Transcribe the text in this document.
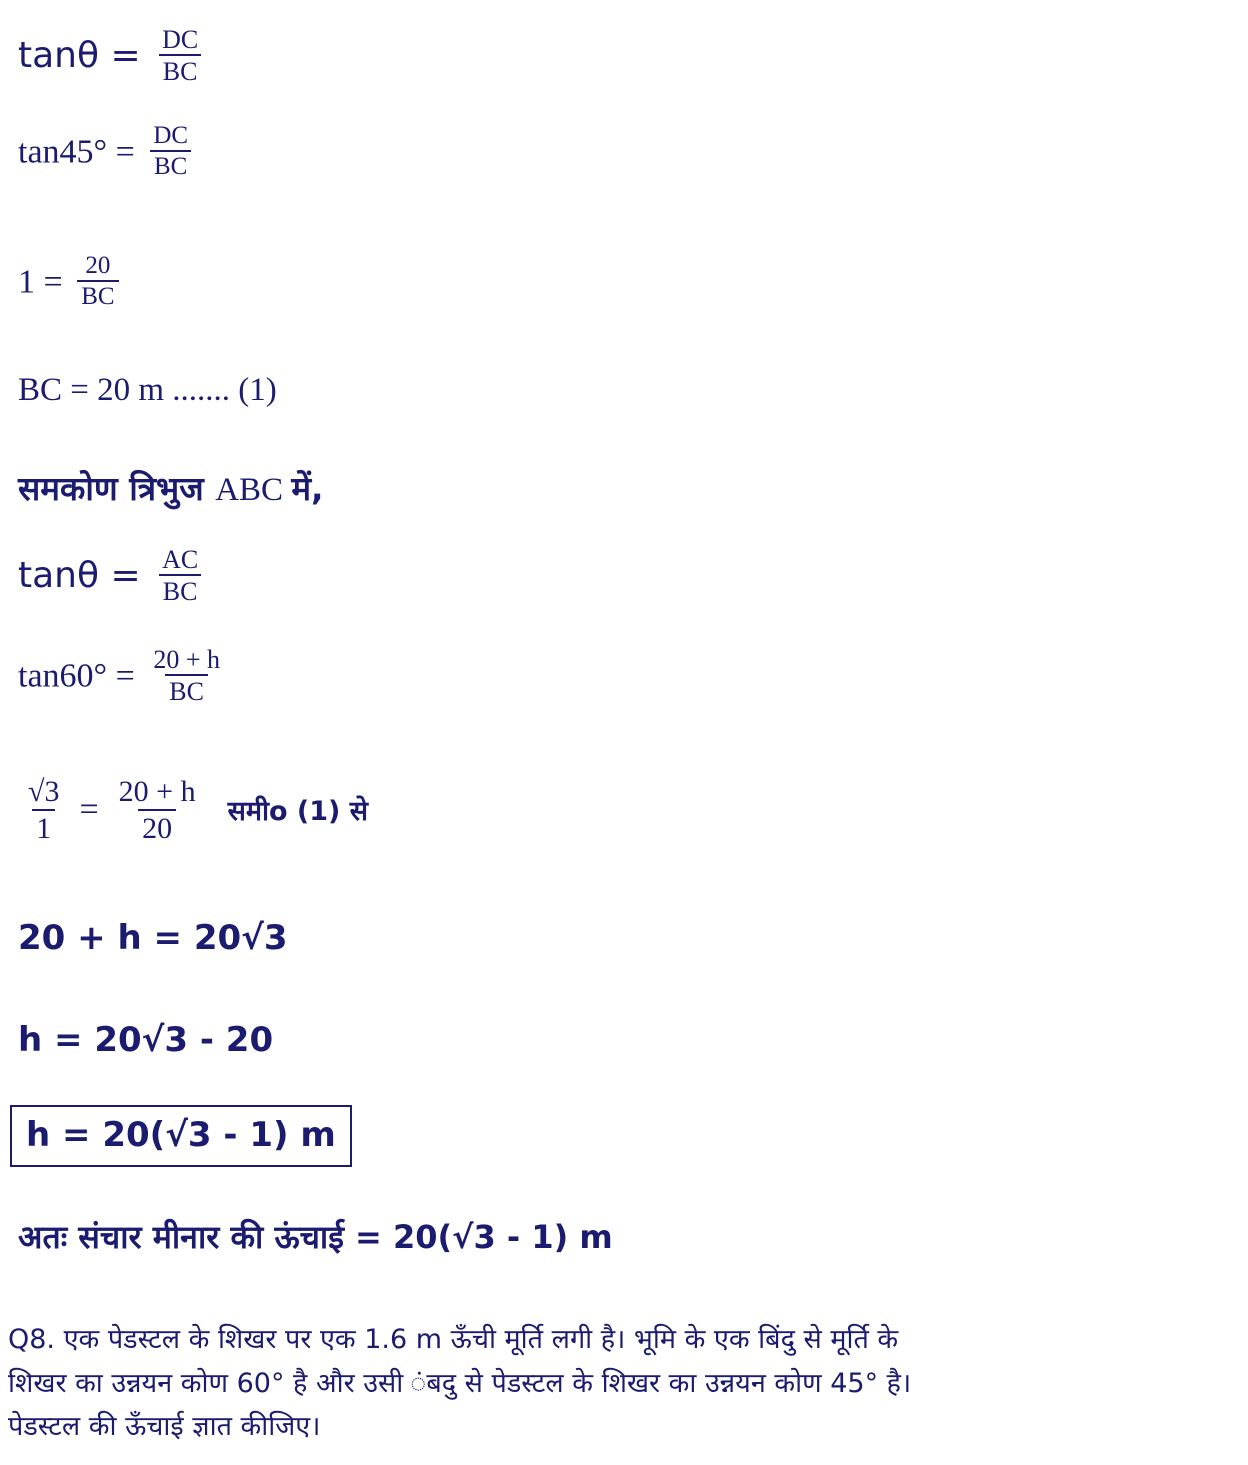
$\tan\theta = \frac{DC}{BC}$
$\tan 45^\circ = \frac{DC}{BC}$
$1 = \frac{20}{BC}$
BC = 20 m ....... (1)
समकोण त्रिभुज ABC में,
$\tan\theta = \frac{AC}{BC}$
$\tan 60^\circ = \frac{20 + h}{BC}$
$\frac{√3}{1} = \frac{20 + h}{20}$ समीo (1) से
20 + h = 20√3
h = 20√3 - 20
h = 20(√3 - 1) m
अतः संचार मीनार की ऊंचाई = 20(√3 - 1) m
Q8. एक पेडस्टल के शिखर पर एक 1.6 m ऊँची मूर्ति लगी है। भूमि के एक बिंदु से मूर्ति के
शिखर का उन्नयन कोण 60° है और उसी ंबदु से पेडस्टल के शिखर का उन्नयन कोण 45° है।
पेडस्टल की ऊँचाई ज्ञात कीजिए।
